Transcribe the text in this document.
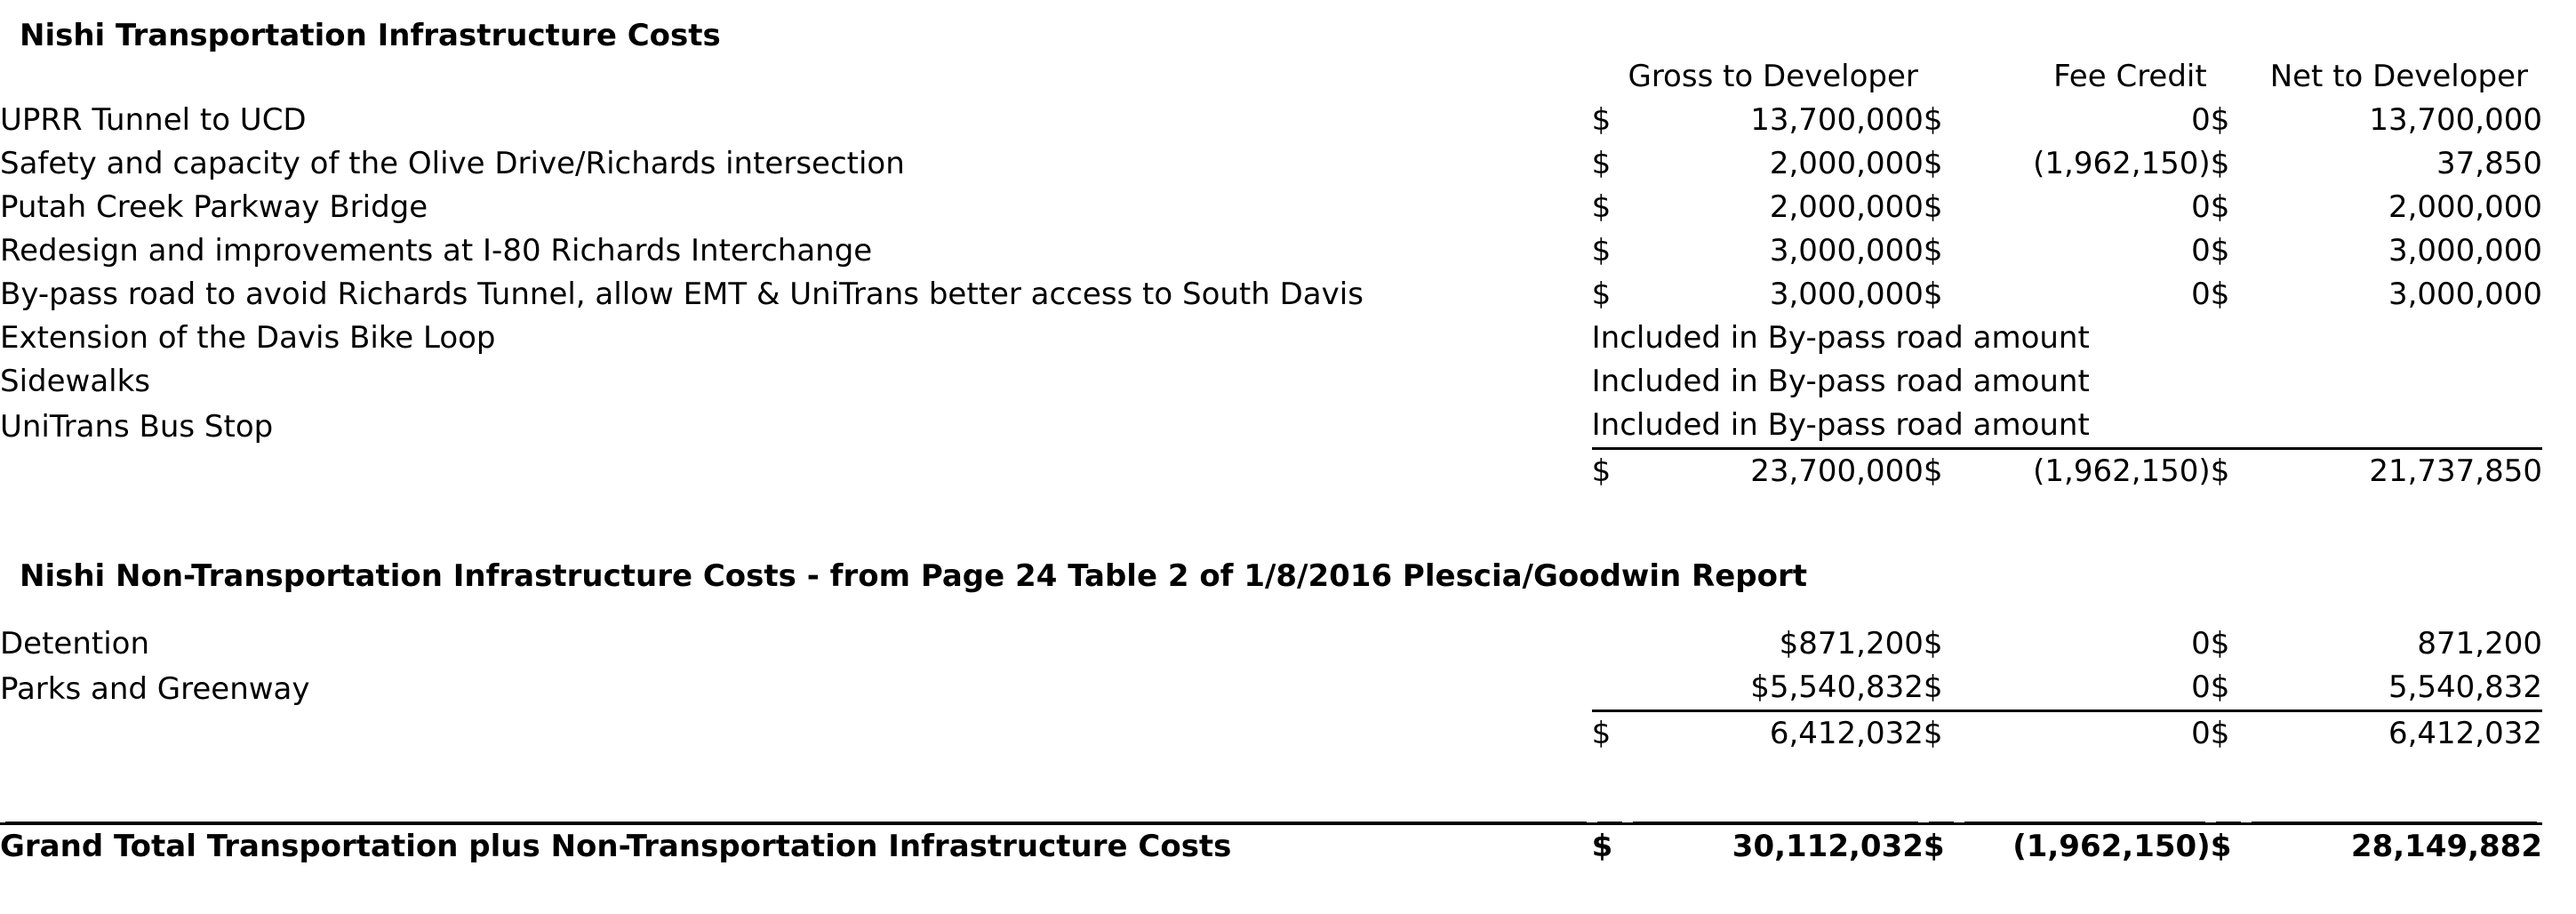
Nishi Transportation Infrastructure Costs
		Gross to Developer		Fee Credit		Net to Developer
UPRR Tunnel to UCD	$	13,700,000	$	0	$	13,700,000
Safety and capacity of the Olive Drive/Richards intersection	$	2,000,000	$	(1,962,150)	$	37,850
Putah Creek Parkway Bridge	$	2,000,000	$	0	$	2,000,000
Redesign and improvements at I-80 Richards Interchange	$	3,000,000	$	0	$	3,000,000
By-pass road to avoid Richards Tunnel, allow EMT & UniTrans better access to South Davis	$	3,000,000	$	0	$	3,000,000
Extension of the Davis Bike Loop	Included in By-pass road amount					
Sidewalks	Included in By-pass road amount					
UniTrans Bus Stop	Included in By-pass road amount					
	$	23,700,000	$	(1,962,150)	$	21,737,850
Nishi Non-Transportation Infrastructure Costs - from Page 24 Table 2 of 1/8/2016 Plescia/Goodwin Report
Detention		$871,200	$	0	$	871,200
Parks and Greenway		$5,540,832	$	0	$	5,540,832
	$	6,412,032	$	0	$	6,412,032
Grand Total Transportation plus Non-Transportation Infrastructure Costs	$	30,112,032	$	(1,962,150)	$	28,149,882
